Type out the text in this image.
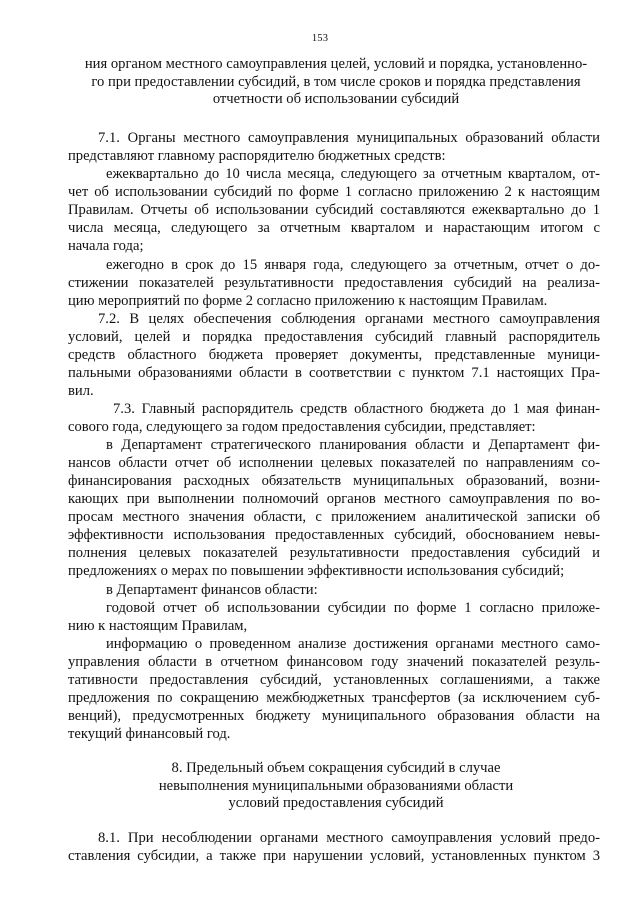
153
ния органом местного самоуправления целей, условий и порядка, установленно-
го при предоставлении субсидий, в том числе сроков и порядка представления
отчетности об использовании субсидий
7.1. Органы местного самоуправления муниципальных образований области
представляют главному распорядителю бюджетных средств:
ежеквартально до 10 числа месяца, следующего за отчетным кварталом, от-
чет об использовании субсидий по форме 1 согласно приложению 2 к настоящим
Правилам. Отчеты об использовании субсидий составляются ежеквартально до 1
числа месяца, следующего за отчетным кварталом и нарастающим итогом с
начала года;
ежегодно в срок до 15 января года, следующего за отчетным, отчет о до-
стижении показателей результативности предоставления субсидий на реализа-
цию мероприятий по форме 2 согласно приложению к настоящим Правилам.
7.2. В целях обеспечения соблюдения органами местного самоуправления
условий, целей и порядка предоставления субсидий главный распорядитель
средств областного бюджета проверяет документы, представленные муници-
пальными образованиями области в соответствии с пунктом 7.1 настоящих Пра-
вил.
7.3. Главный распорядитель средств областного бюджета до 1 мая финан-
сового года, следующего за годом предоставления субсидии, представляет:
в Департамент стратегического планирования области и Департамент фи-
нансов области отчет об исполнении целевых показателей по направлениям со-
финансирования расходных обязательств муниципальных образований, возни-
кающих при выполнении полномочий органов местного самоуправления по во-
просам местного значения области, с приложением аналитической записки об
эффективности использования предоставленных субсидий, обоснованием невы-
полнения целевых показателей результативности предоставления субсидий и
предложениях о мерах по повышении эффективности использования субсидий;
в Департамент финансов области:
годовой отчет об использовании субсидии по форме 1 согласно приложе-
нию к настоящим Правилам,
информацию о проведенном анализе достижения органами местного само-
управления области в отчетном финансовом году значений показателей резуль-
тативности предоставления субсидий, установленных соглашениями, а также
предложения по сокращению межбюджетных трансфертов (за исключением суб-
венций), предусмотренных бюджету муниципального образования области на
текущий финансовый год.
8. Предельный объем сокращения субсидий в случае
невыполнения муниципальными образованиями области
условий предоставления субсидий
8.1. При несоблюдении органами местного самоуправления условий предо-
ставления субсидии, а также при нарушении условий, установленных пунктом 3
